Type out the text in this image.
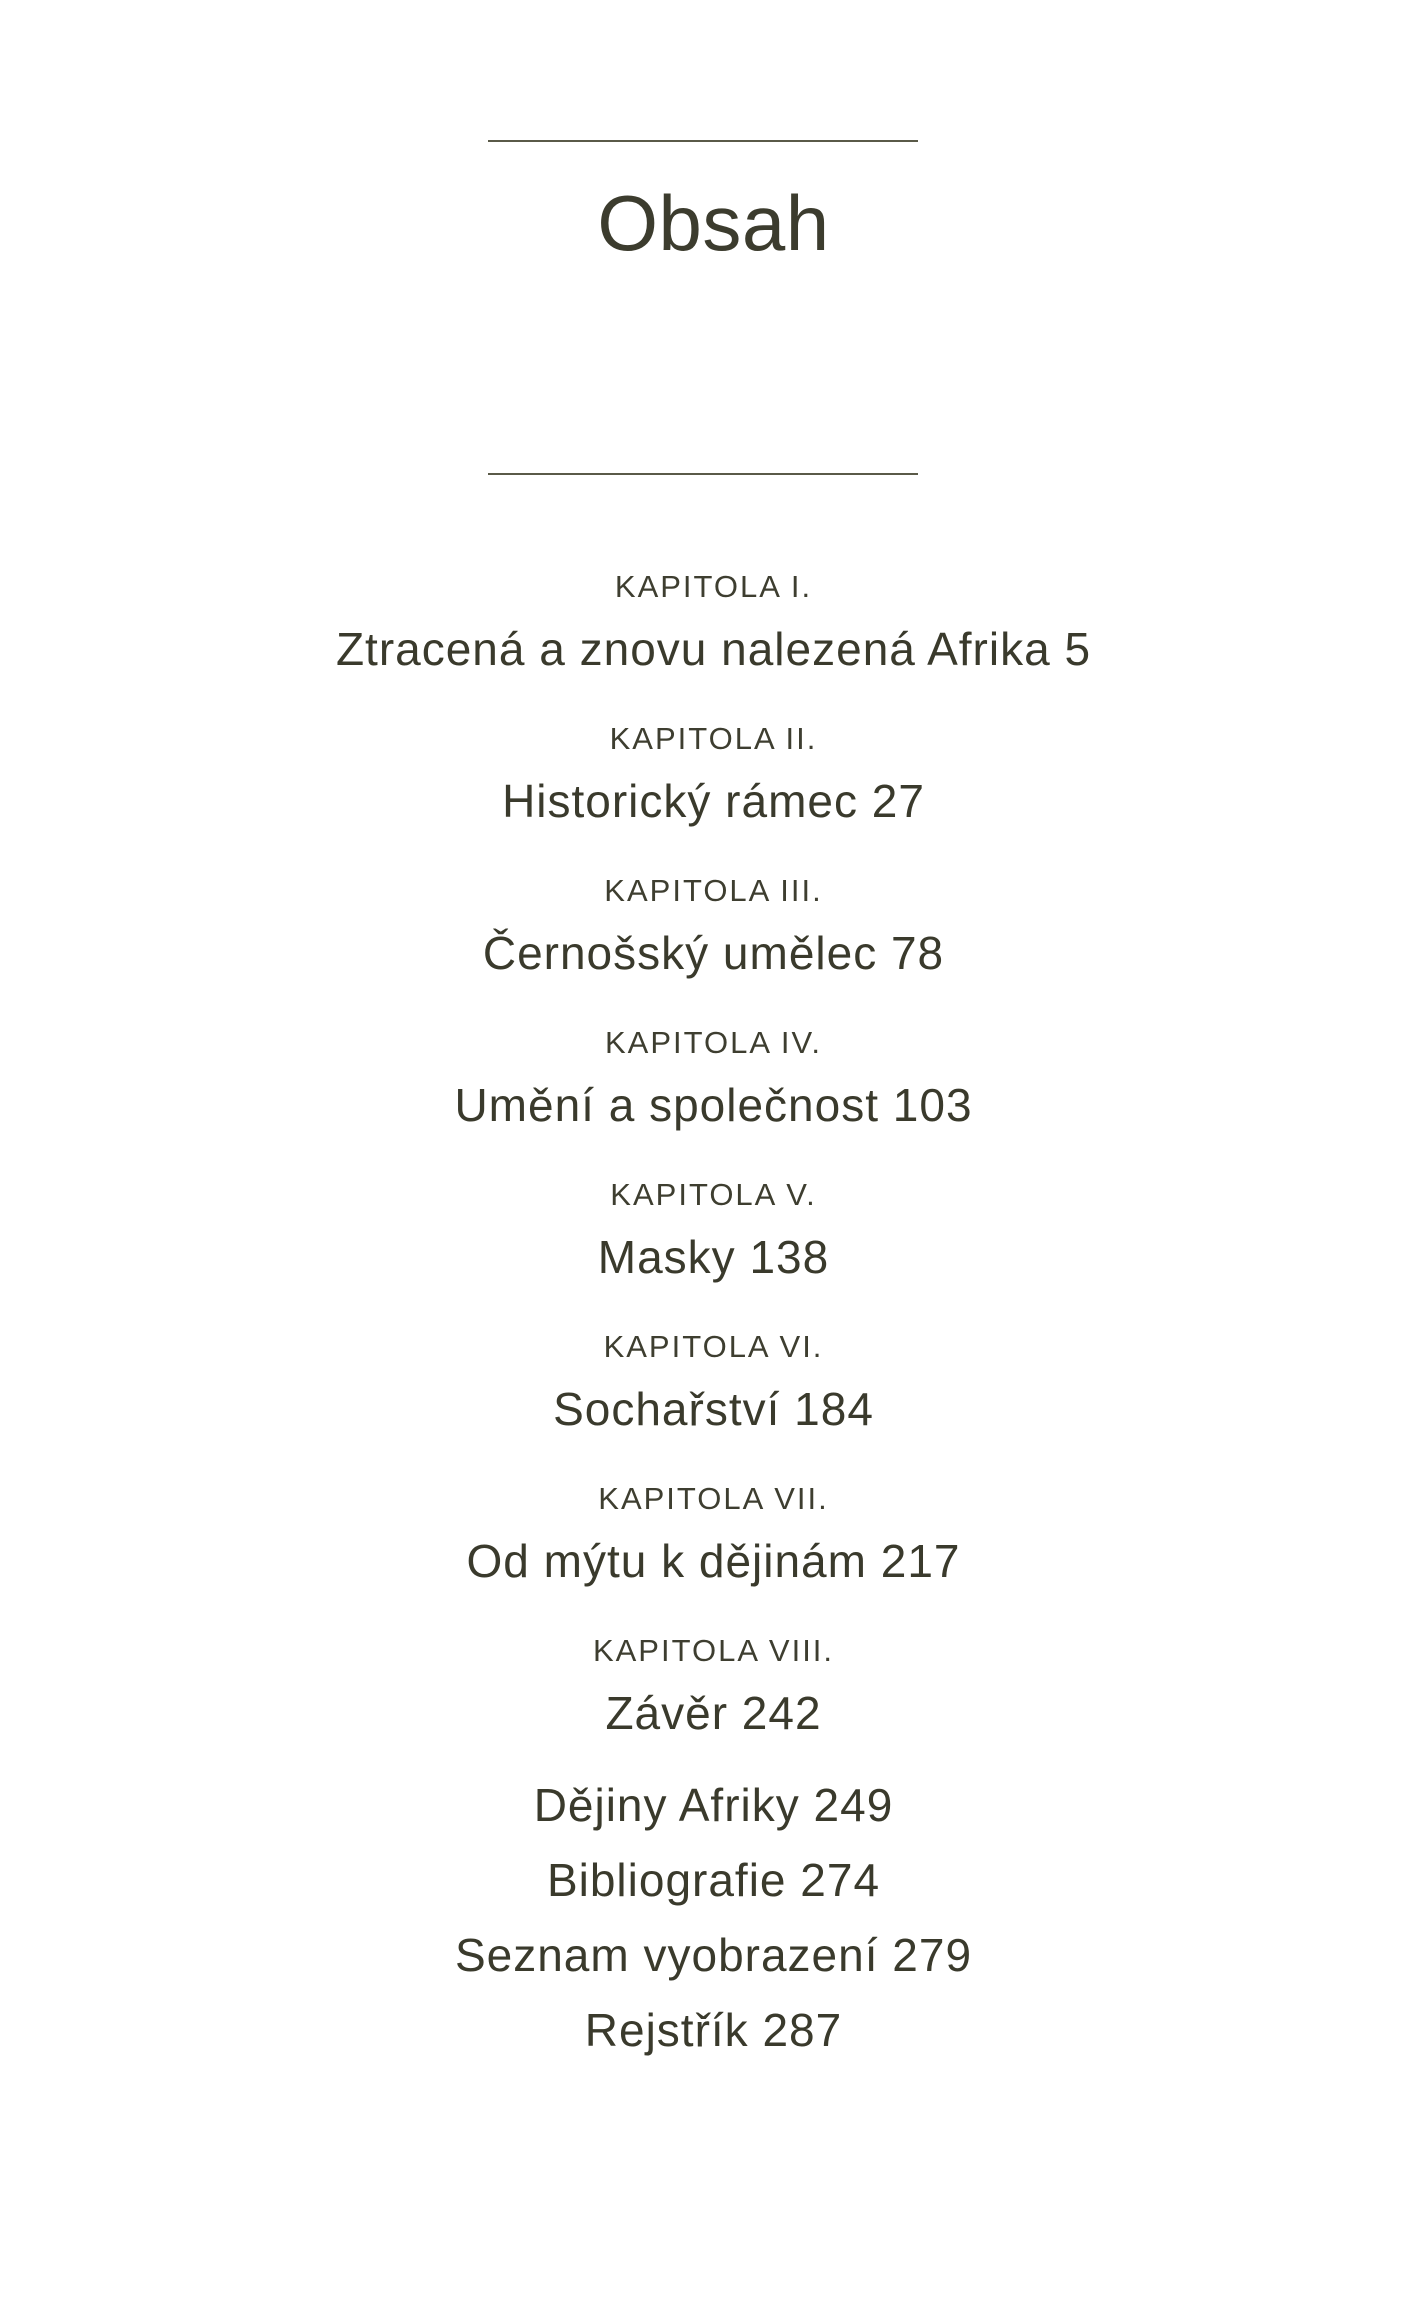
Obsah
KAPITOLA I.
Ztracená a znovu nalezená Afrika 5
KAPITOLA II.
Historický rámec 27
KAPITOLA III.
Černošský umělec 78
KAPITOLA IV.
Umění a společnost 103
KAPITOLA V.
Masky 138
KAPITOLA VI.
Sochařství 184
KAPITOLA VII.
Od mýtu k dějinám 217
KAPITOLA VIII.
Závěr 242
Dějiny Afriky 249
Bibliografie 274
Seznam vyobrazení 279
Rejstřík 287
